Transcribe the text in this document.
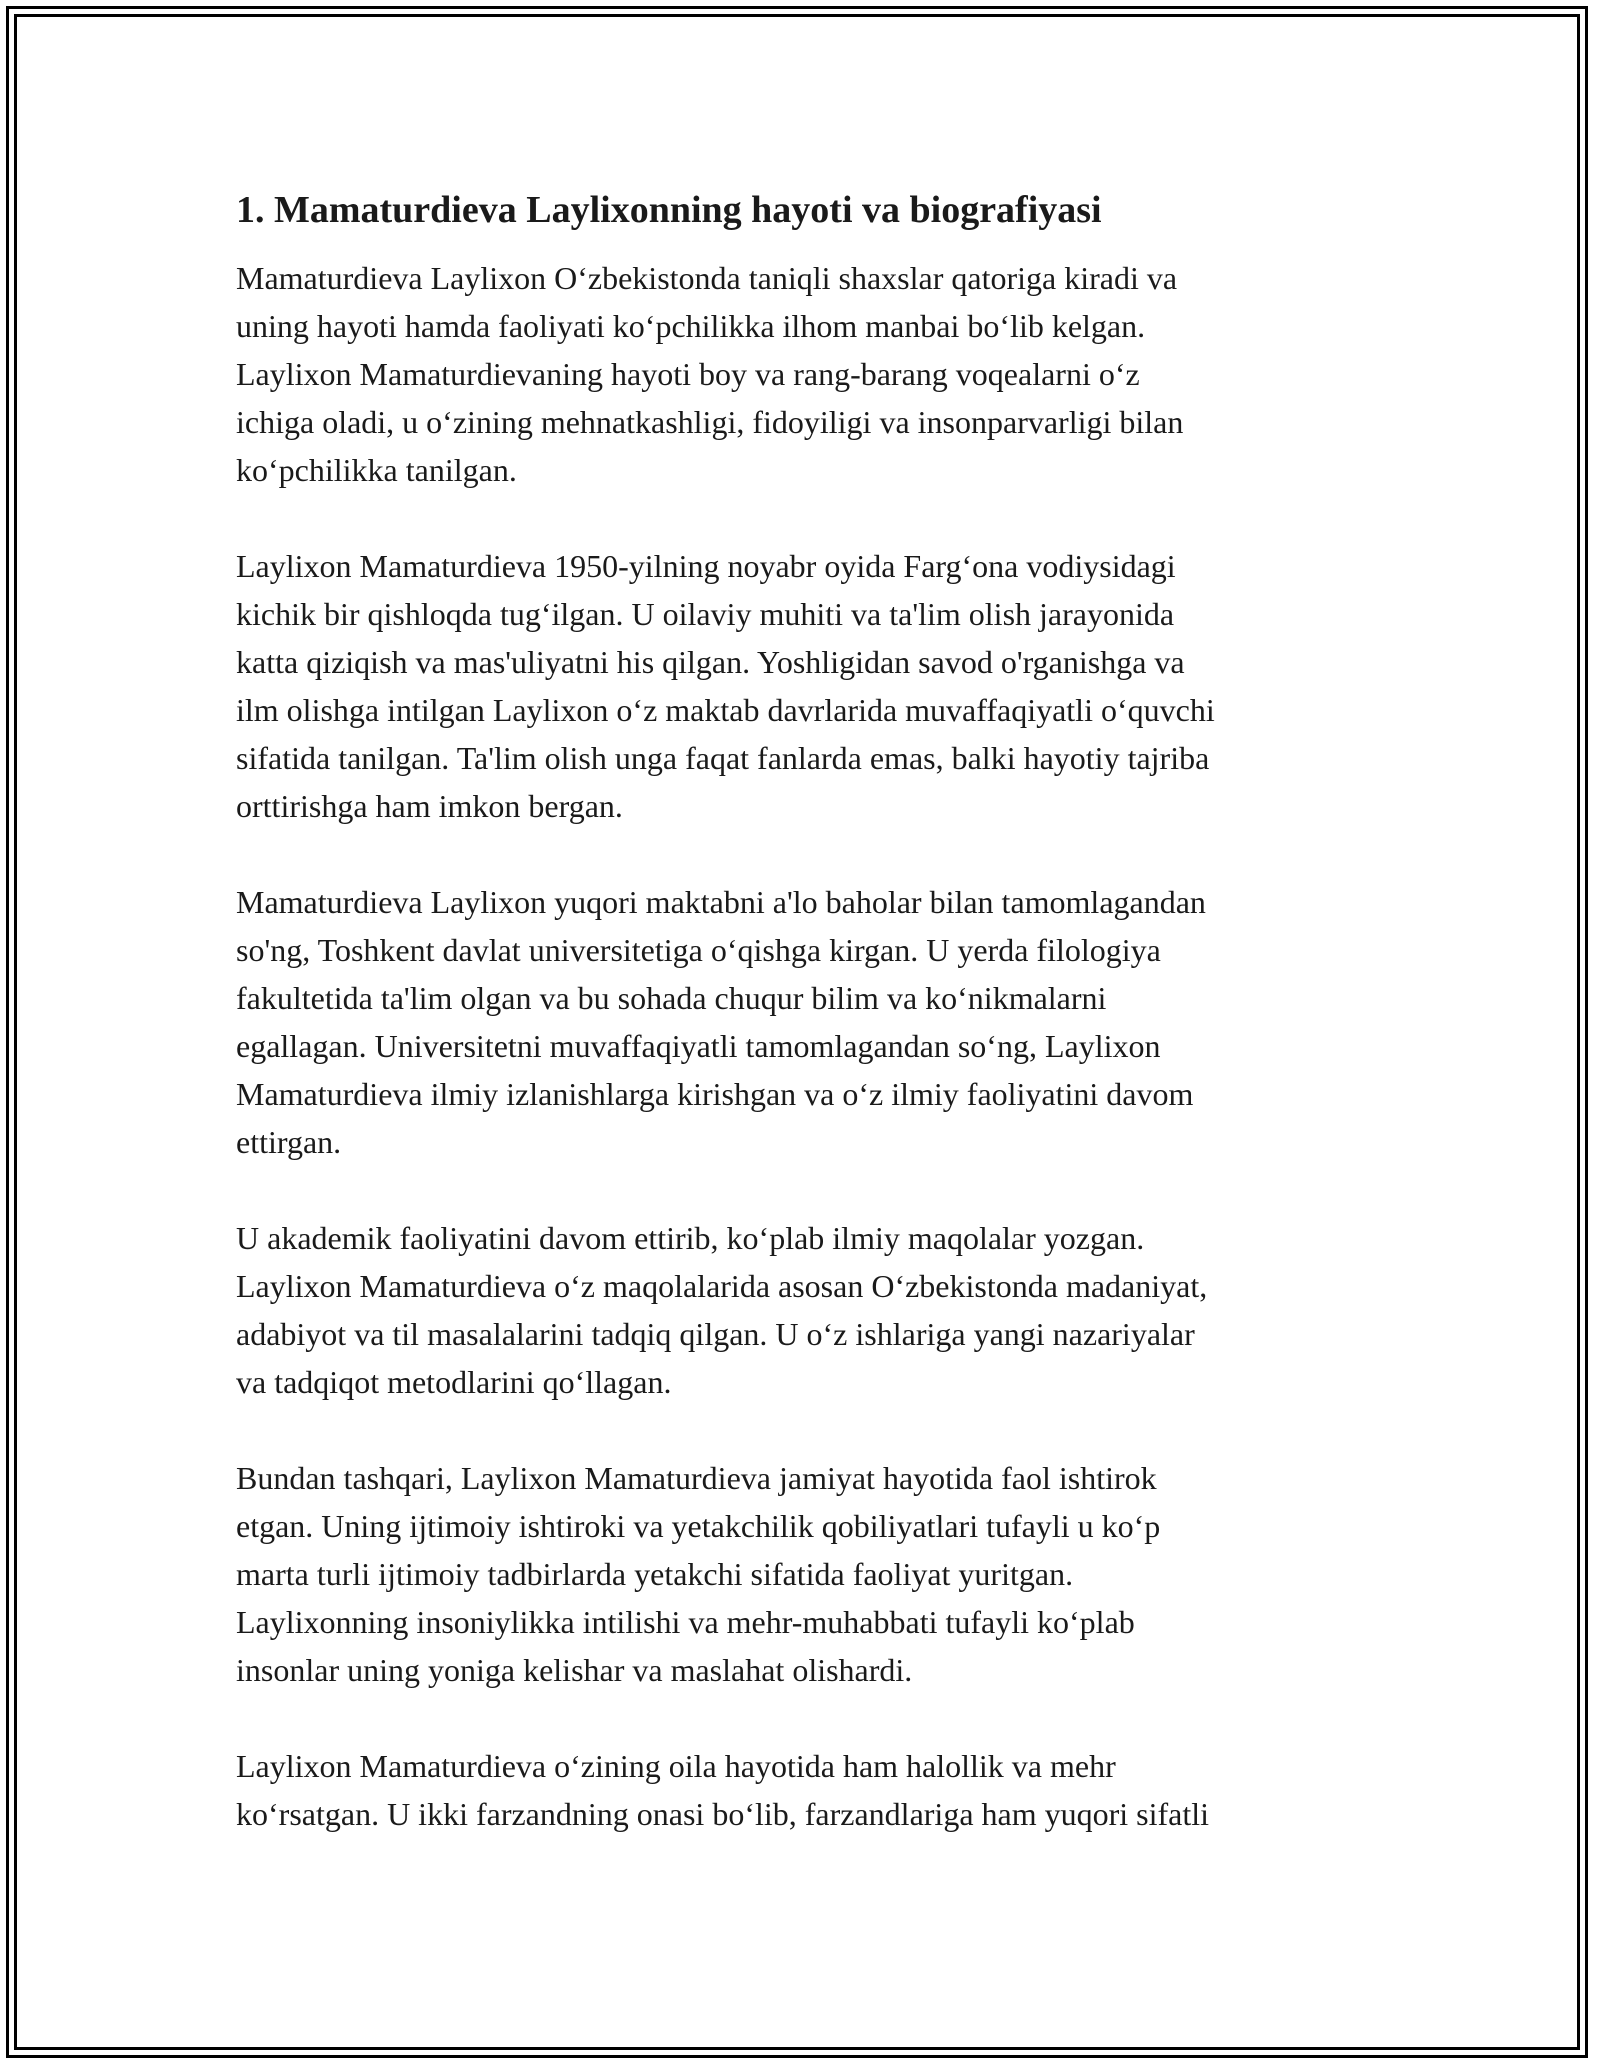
1. Mamaturdieva Laylixonning hayoti va biografiyasi

Mamaturdieva Laylixon O‘zbekistonda taniqli shaxslar qatoriga kiradi va
uning hayoti hamda faoliyati ko‘pchilikka ilhom manbai bo‘lib kelgan.
Laylixon Mamaturdievaning hayoti boy va rang-barang voqealarni o‘z
ichiga oladi, u o‘zining mehnatkashligi, fidoyiligi va insonparvarligi bilan
ko‘pchilikka tanilgan.

Laylixon Mamaturdieva 1950-yilning noyabr oyida Farg‘ona vodiysidagi
kichik bir qishloqda tug‘ilgan. U oilaviy muhiti va ta'lim olish jarayonida
katta qiziqish va mas'uliyatni his qilgan. Yoshligidan savod o'rganishga va
ilm olishga intilgan Laylixon o‘z maktab davrlarida muvaffaqiyatli o‘quvchi
sifatida tanilgan. Ta'lim olish unga faqat fanlarda emas, balki hayotiy tajriba
orttirishga ham imkon bergan.

Mamaturdieva Laylixon yuqori maktabni a'lo baholar bilan tamomlagandan
so'ng, Toshkent davlat universitetiga o‘qishga kirgan. U yerda filologiya
fakultetida ta'lim olgan va bu sohada chuqur bilim va ko‘nikmalarni
egallagan. Universitetni muvaffaqiyatli tamomlagandan so‘ng, Laylixon
Mamaturdieva ilmiy izlanishlarga kirishgan va o‘z ilmiy faoliyatini davom
ettirgan.

U akademik faoliyatini davom ettirib, ko‘plab ilmiy maqolalar yozgan.
Laylixon Mamaturdieva o‘z maqolalarida asosan O‘zbekistonda madaniyat,
adabiyot va til masalalarini tadqiq qilgan. U o‘z ishlariga yangi nazariyalar
va tadqiqot metodlarini qo‘llagan.

Bundan tashqari, Laylixon Mamaturdieva jamiyat hayotida faol ishtirok
etgan. Uning ijtimoiy ishtiroki va yetakchilik qobiliyatlari tufayli u ko‘p
marta turli ijtimoiy tadbirlarda yetakchi sifatida faoliyat yuritgan.
Laylixonning insoniylikka intilishi va mehr-muhabbati tufayli ko‘plab
insonlar uning yoniga kelishar va maslahat olishardi.

Laylixon Mamaturdieva o‘zining oila hayotida ham halollik va mehr
ko‘rsatgan. U ikki farzandning onasi bo‘lib, farzandlariga ham yuqori sifatli
